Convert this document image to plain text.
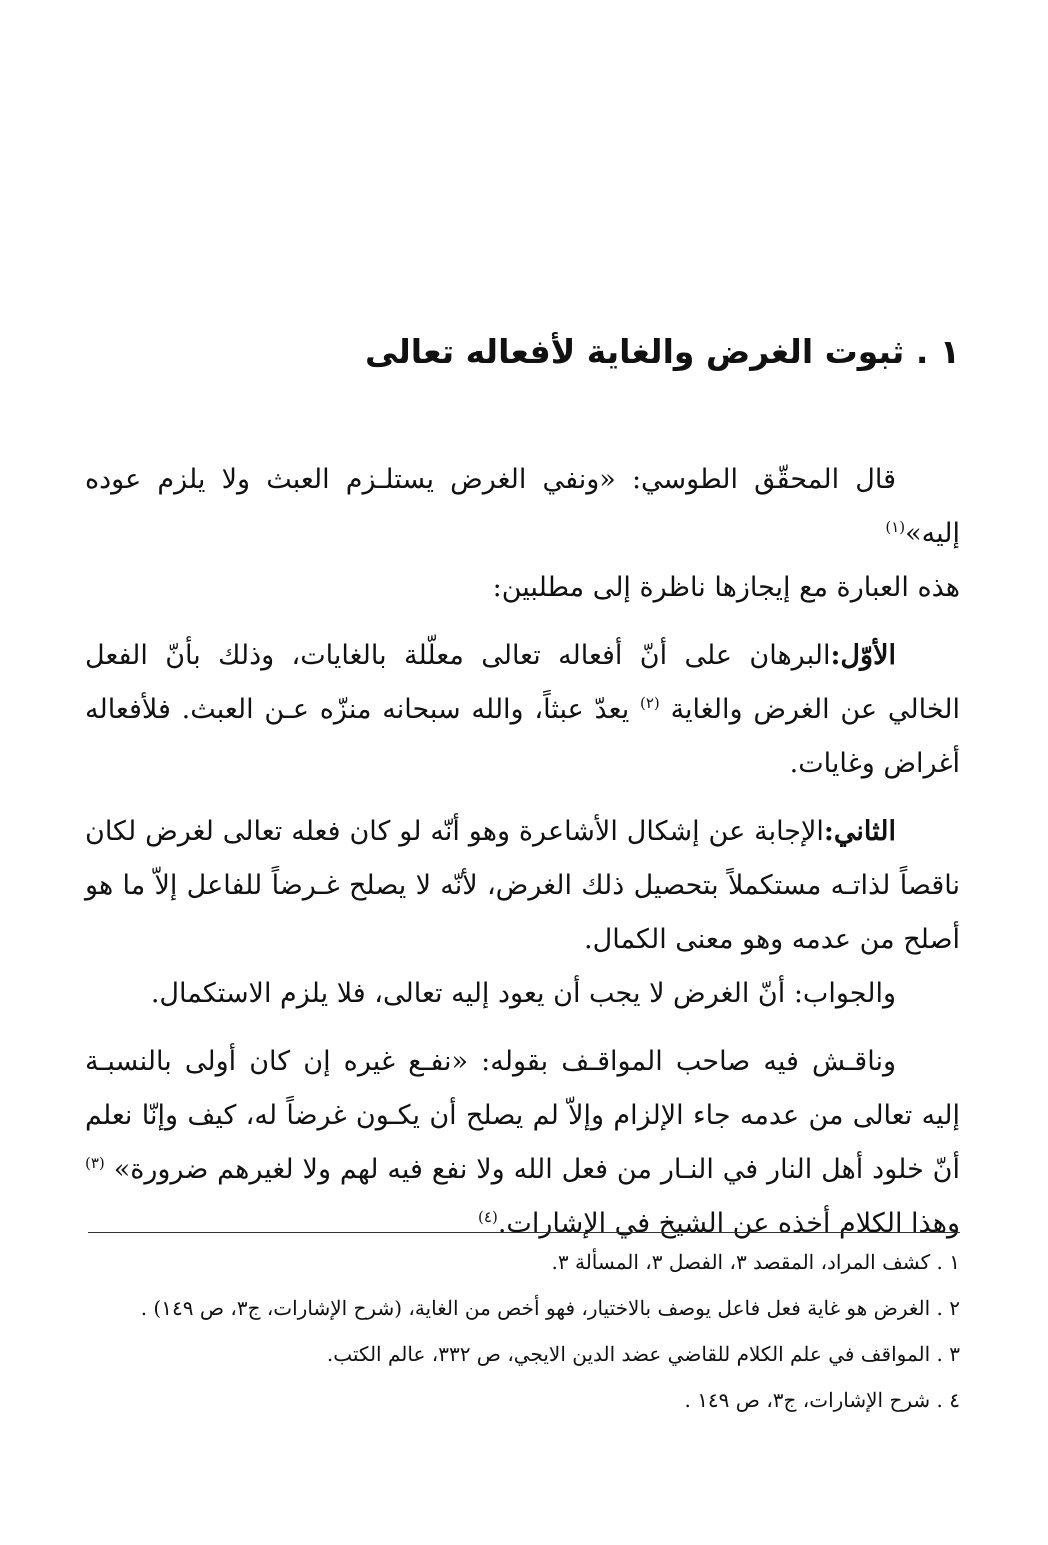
١ . ثبوت الغرض والغاية لأفعاله تعالى

قال المحقّق الطوسي: «ونفي الغرض يستلـزم العبث ولا يلزم عوده إليه»$^{(١)}$

هذه العبارة مع إيجازها ناظرة إلى مطلبين:

الأوّل:البرهان على أنّ أفعاله تعالى معلّلة بالغايات، وذلك بأنّ الفعل الخالي عن الغرض والغاية $^{(٢)}$ يعدّ عبثاً، والله سبحانه منزّه عـن العبث. فلأفعاله أغراض وغايات.

الثاني:الإجابة عن إشكال الأشاعرة وهو أنّه لو كان فعله تعالى لغرض لكان ناقصاً لذاتـه مستكملاً بتحصيل ذلك الغرض، لأنّه لا يصلح غـرضاً للفاعل إلاّ ما هو أصلح من عدمه وهو معنى الكمال.

والجواب: أنّ الغرض لا يجب أن يعود إليه تعالى، فلا يلزم الاستكمال.

وناقـش فيه صاحب المواقـف بقوله: «نفـع غيره إن كان أولى بالنسبـة إليه تعالى من عدمه جاء الإلزام وإلاّ لم يصلح أن يكـون غرضاً له، كيف وإنّا نعلم أنّ خلود أهل النار في النـار من فعل الله ولا نفع فيه لهم ولا لغيرهم ضرورة» $^{(٣)}$ وهذا الكلام أخذه عن الشيخ في الإشارات.$^{(٤)}$

١ . كشف المراد، المقصد ٣، الفصل ٣، المسألة ٣.

٢ . الغرض هو غاية فعل فاعل يوصف بالاختيار، فهو أخص من الغاية، (شرح الإشارات، ج٣، ص ١٤٩) .

٣ . المواقف في علم الكلام للقاضي عضد الدين الايجي، ص ٣٣٢، عالم الكتب.

٤ . شرح الإشارات، ج٣، ص ١٤٩ .
